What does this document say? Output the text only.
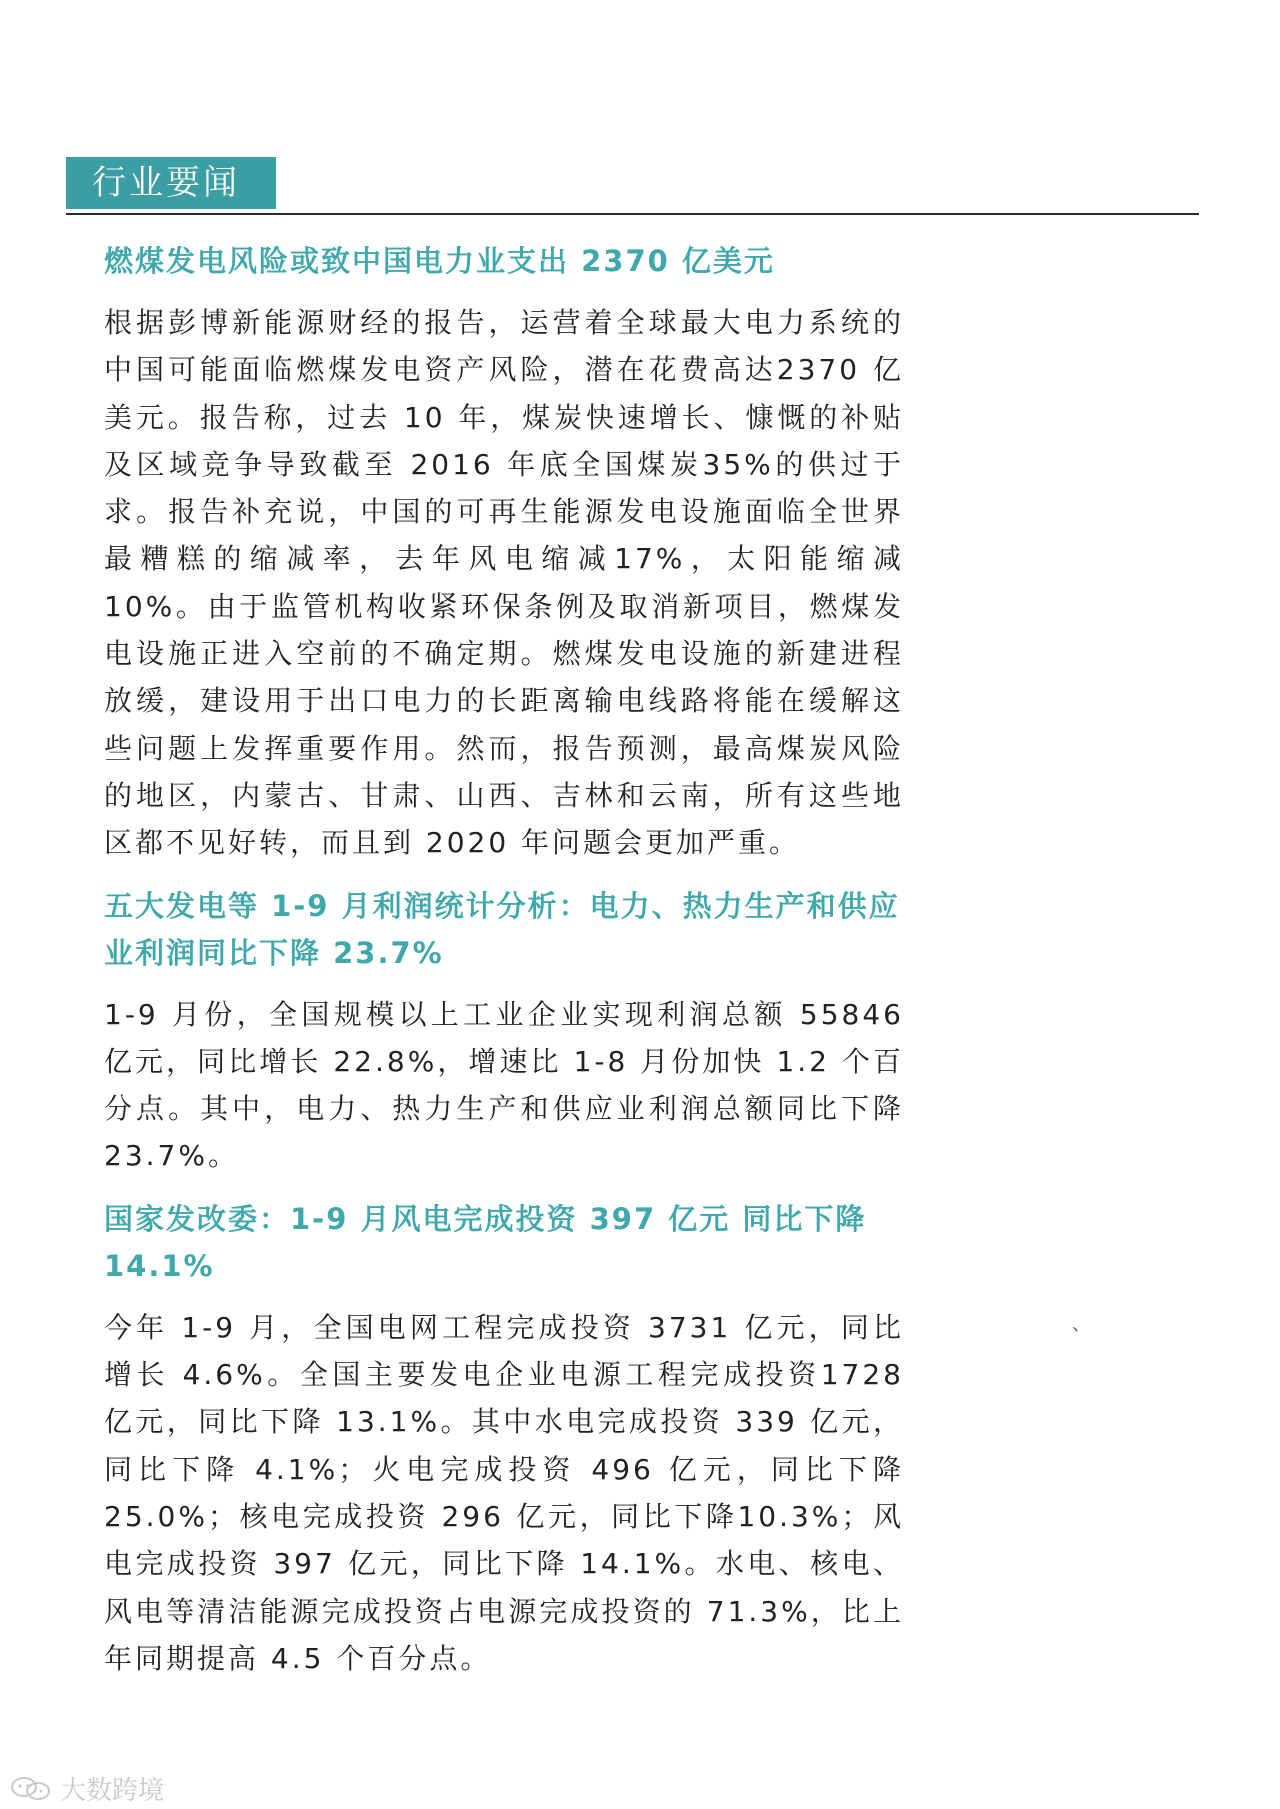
行业要闻
燃煤发电风险或致中国电力业支出 2370 亿美元

根据彭博新能源财经的报告，运营着全球最大电力系统的中国可能面临燃煤发电资产风险，潜在花费高达2370 亿美元。报告称，过去 10 年，煤炭快速增长、慷慨的补贴及区域竞争导致截至 2016 年底全国煤炭35%的供过于求。报告补充说，中国的可再生能源发电设施面临全世界最糟糕的缩减率，去年风电缩减17%，太阳能缩减 10%。由于监管机构收紧环保条例及取消新项目，燃煤发电设施正进入空前的不确定期。燃煤发电设施的新建进程放缓，建设用于出口电力的长距离输电线路将能在缓解这些问题上发挥重要作用。然而，报告预测，最高煤炭风险的地区，内蒙古、甘肃、山西、吉林和云南，所有这些地区都不见好转，而且到 2020 年问题会更加严重。

五大发电等 1-9 月利润统计分析：电力、热力生产和供应业利润同比下降 23.7%

1-9 月份，全国规模以上工业企业实现利润总额 55846 亿元，同比增长 22.8%，增速比 1-8 月份加快 1.2 个百分点。其中，电力、热力生产和供应业利润总额同比下降 23.7%。

国家发改委：1-9 月风电完成投资 397 亿元 同比下降 14.1%

今年 1-9 月，全国电网工程完成投资 3731 亿元，同比增长 4.6%。全国主要发电企业电源工程完成投资1728 亿元，同比下降 13.1%。其中水电完成投资 339 亿元，同比下降 4.1%；火电完成投资 496 亿元，同比下降 25.0%；核电完成投资 296 亿元，同比下降10.3%；风电完成投资 397 亿元，同比下降 14.1%。水电、核电、风电等清洁能源完成投资占电源完成投资的 71.3%，比上年同期提高 4.5 个百分点。

、
大数跨境
